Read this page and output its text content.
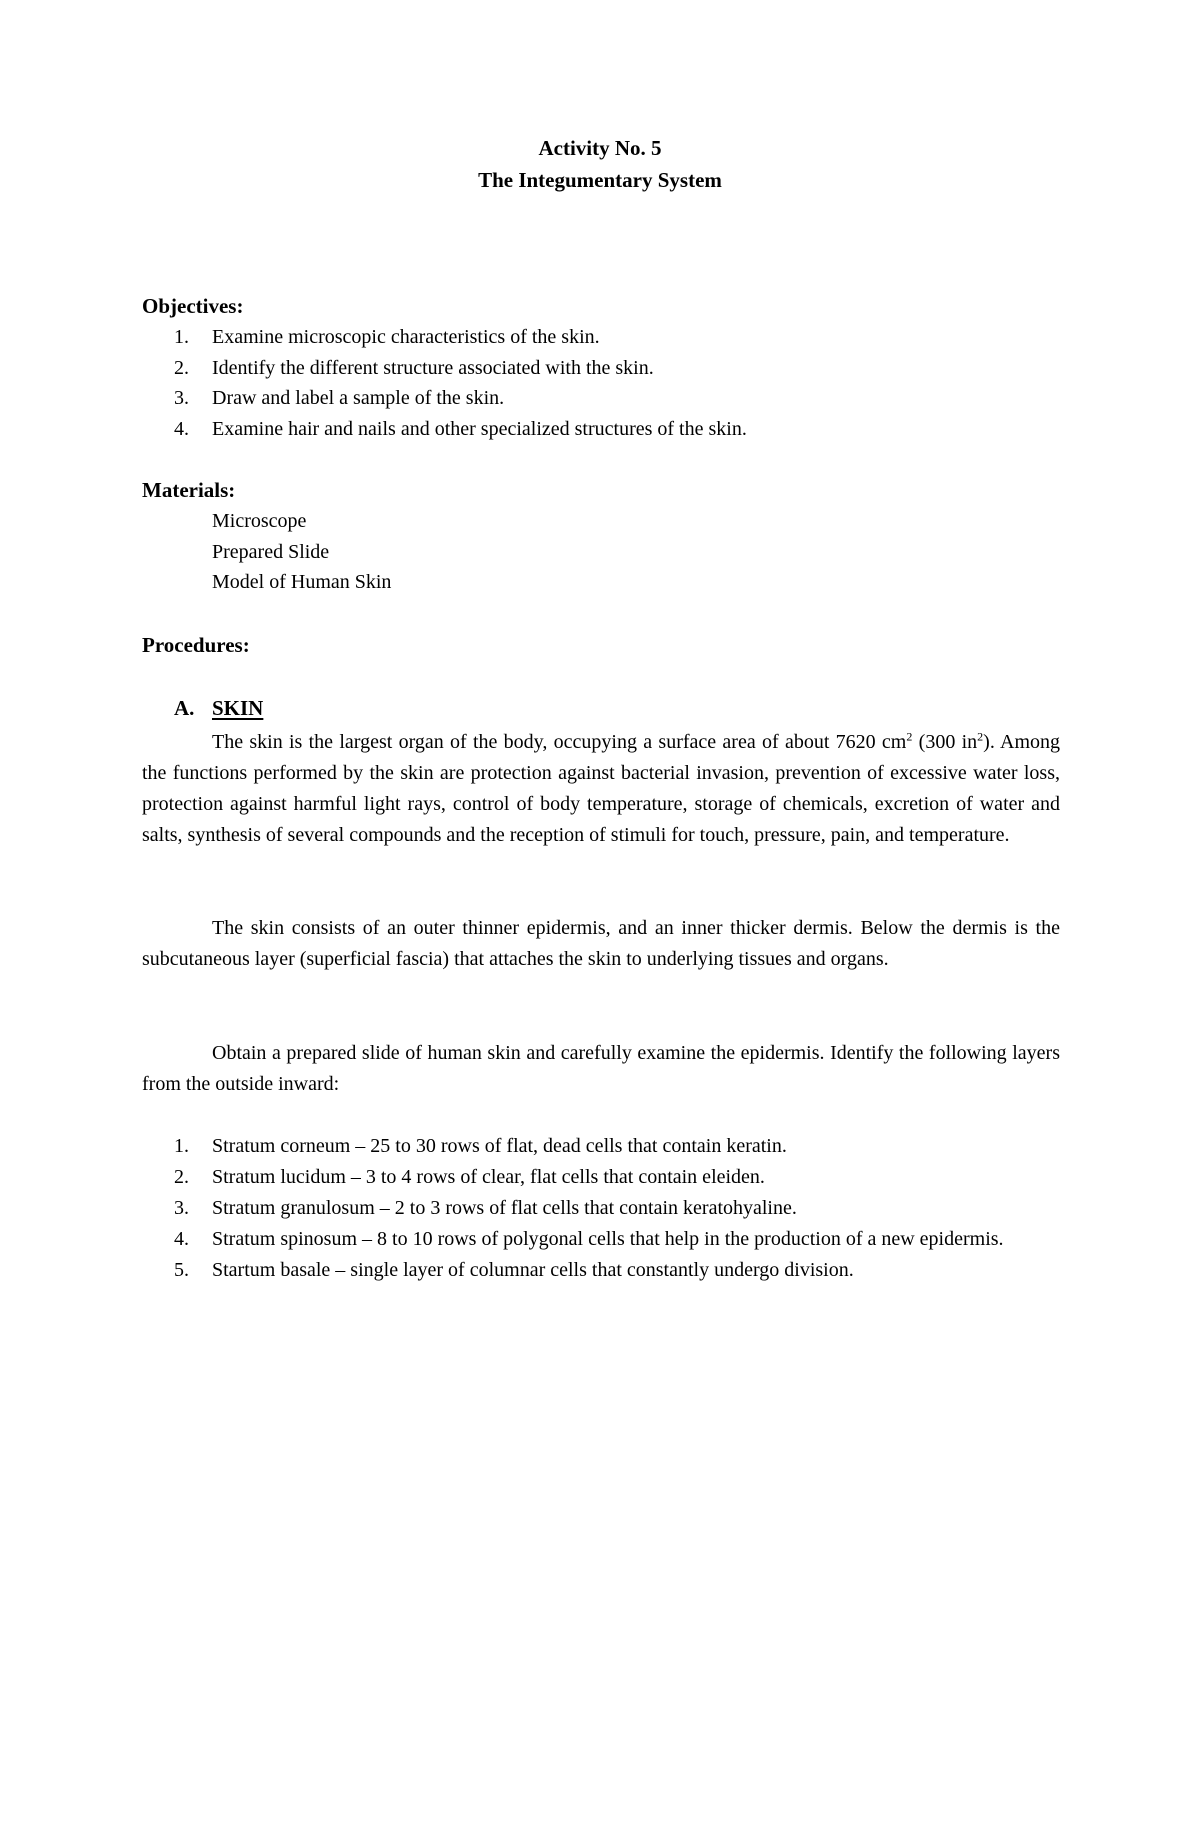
Activity No. 5
The Integumentary System
Objectives:
1. Examine microscopic characteristics of the skin.
2. Identify the different structure associated with the skin.
3. Draw and label a sample of the skin.
4. Examine hair and nails and other specialized structures of the skin.
Materials:
Microscope
Prepared Slide
Model of Human Skin
Procedures:
A. SKIN

The skin is the largest organ of the body, occupying a surface area of about 7620 $cm^2$ (300 $in^2$). Among the functions performed by the skin are protection against bacterial invasion, prevention of excessive water loss, protection against harmful light rays, control of body temperature, storage of chemicals, excretion of water and salts, synthesis of several compounds and the reception of stimuli for touch, pressure, pain, and temperature.

The skin consists of an outer thinner epidermis, and an inner thicker dermis. Below the dermis is the subcutaneous layer (superficial fascia) that attaches the skin to underlying tissues and organs.

Obtain a prepared slide of human skin and carefully examine the epidermis. Identify the following layers from the outside inward:

1. Stratum corneum – 25 to 30 rows of flat, dead cells that contain keratin.
2. Stratum lucidum – 3 to 4 rows of clear, flat cells that contain eleiden.
3. Stratum granulosum – 2 to 3 rows of flat cells that contain keratohyaline.
4. Stratum spinosum – 8 to 10 rows of polygonal cells that help in the production of a new epidermis.
5. Startum basale – single layer of columnar cells that constantly undergo division.
